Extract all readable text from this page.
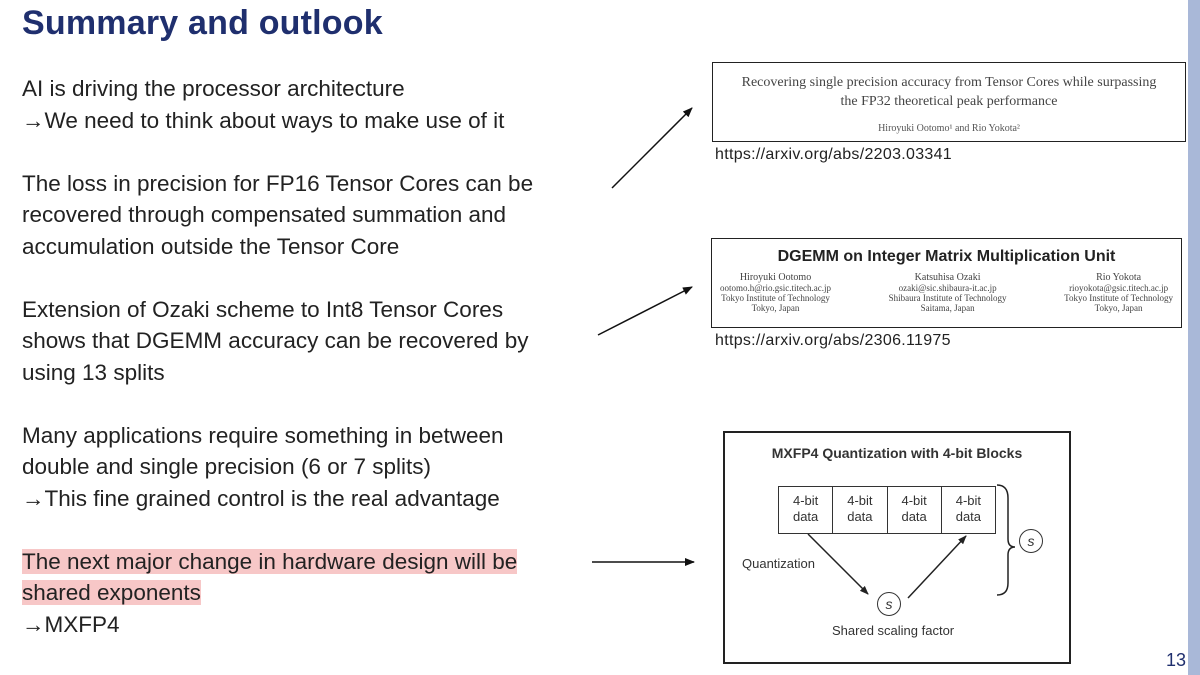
Summary and outlook
AI is driving the processor architecture
→We need to think about ways to make use of it
The loss in precision for FP16 Tensor Cores can be
recovered through compensated summation and
accumulation outside the Tensor Core
Extension of Ozaki scheme to Int8 Tensor Cores
shows that DGEMM accuracy can be recovered by
using 13 splits
Many applications require something in between
double and single precision (6 or 7 splits)
→This fine grained control is the real advantage
The next major change in hardware design will be
shared exponents
→MXFP4
Recovering single precision accuracy from Tensor Cores while surpassing
the FP32 theoretical peak performance
Hiroyuki Ootomo¹ and Rio Yokota²
https://arxiv.org/abs/2203.03341
DGEMM on Integer Matrix Multiplication Unit
Hiroyuki Ootomo
ootomo.h@rio.gsic.titech.ac.jp
Tokyo Institute of Technology
Tokyo, Japan
Katsuhisa Ozaki
ozaki@sic.shibaura-it.ac.jp
Shibaura Institute of Technology
Saitama, Japan
Rio Yokota
rioyokota@gsic.titech.ac.jp
Tokyo Institute of Technology
Tokyo, Japan
https://arxiv.org/abs/2306.11975
MXFP4 Quantization with 4-bit Blocks
4-bit
data
4-bit
data
4-bit
data
4-bit
data
Quantization
s
s
Shared scaling factor
13
